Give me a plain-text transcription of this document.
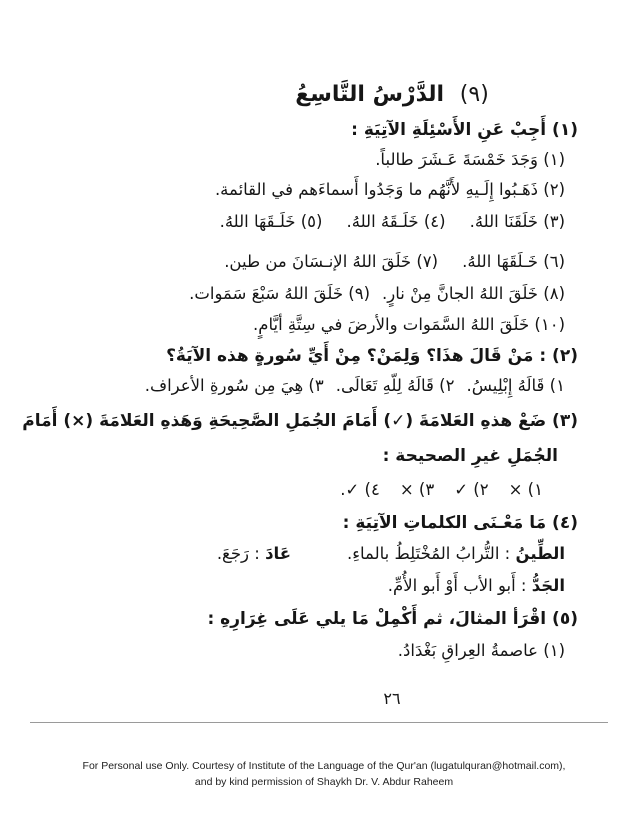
(٩) الدَّرْسُ التَّاسِعُ
(١) أَجِبْ عَنِ الأَسْئِلَةِ الآتِيَةِ :
(١) وَجَدَ خَمْسَةَ عَـشَرَ طالباً.
(٢) ذَهَـبُوا إِلَـيهِ لأَنَّهُم ما وَجَدُوا أَسماءَهم في القائمة.
(٣) خَلَقَنَا اللهُ.
(٤) خَلَـقَهُ اللهُ.
(٥) خَلَـقَهَا اللهُ.
(٦) خَـلَقَهَا اللهُ.
(٧) خَلَقَ اللهُ الإنـسَانَ من طين.
(٨) خَلَقَ اللهُ الجانَّ مِنْ نارٍ.
(٩) خَلَقَ اللهُ سَبْعَ سَمَوات.
(١٠) خَلَقَ اللهُ السَّمَوات والأرضَ في سِتَّةِ أيَّامٍ.
(٢) : مَنْ قَالَ هذَا؟ وَلِمَنْ؟ مِنْ أَيِّ سُورةٍ هذه الآيَةُ؟
١) قَالَهُ إِبْلِيسُ.
٢) قَالَهُ لِلّهِ تَعَالَى.
٣) هِيَ مِن سُورةِ الأعراف.
(٣) ضَعْ هذهِ العَلامَةَ (✓) أَمَامَ الجُمَلِ الصَّحِيحَةِ وَهَذهِ العَلامَةَ (×) أَمَامَ
الجُمَلِ غيرِ الصحيحة :
١) ×
٢) ✓
٣) ×
٤) ✓.
(٤) مَا مَعْـنَى الكلماتِ الآتِيَةِ :
الطِّينُ : التُّرابُ المُخْتَلِطُ بالماءِ.
عَادَ : رَجَعَ.
الجَدُّ : أَبو الأب أَوْ أَبو الأُمِّ.
(٥) اقْرَأ المثالَ، ثم أَكْمِلْ مَا يلي عَلَى غِرَارِهِ :
(١) عاصمةُ العِراقِ بَغْدَادُ.
٢٦
For Personal use Only. Courtesy of Institute of the Language of the Qur'an (lugatulquran@hotmail.com),
and by kind permission of Shaykh Dr. V. Abdur Raheem
